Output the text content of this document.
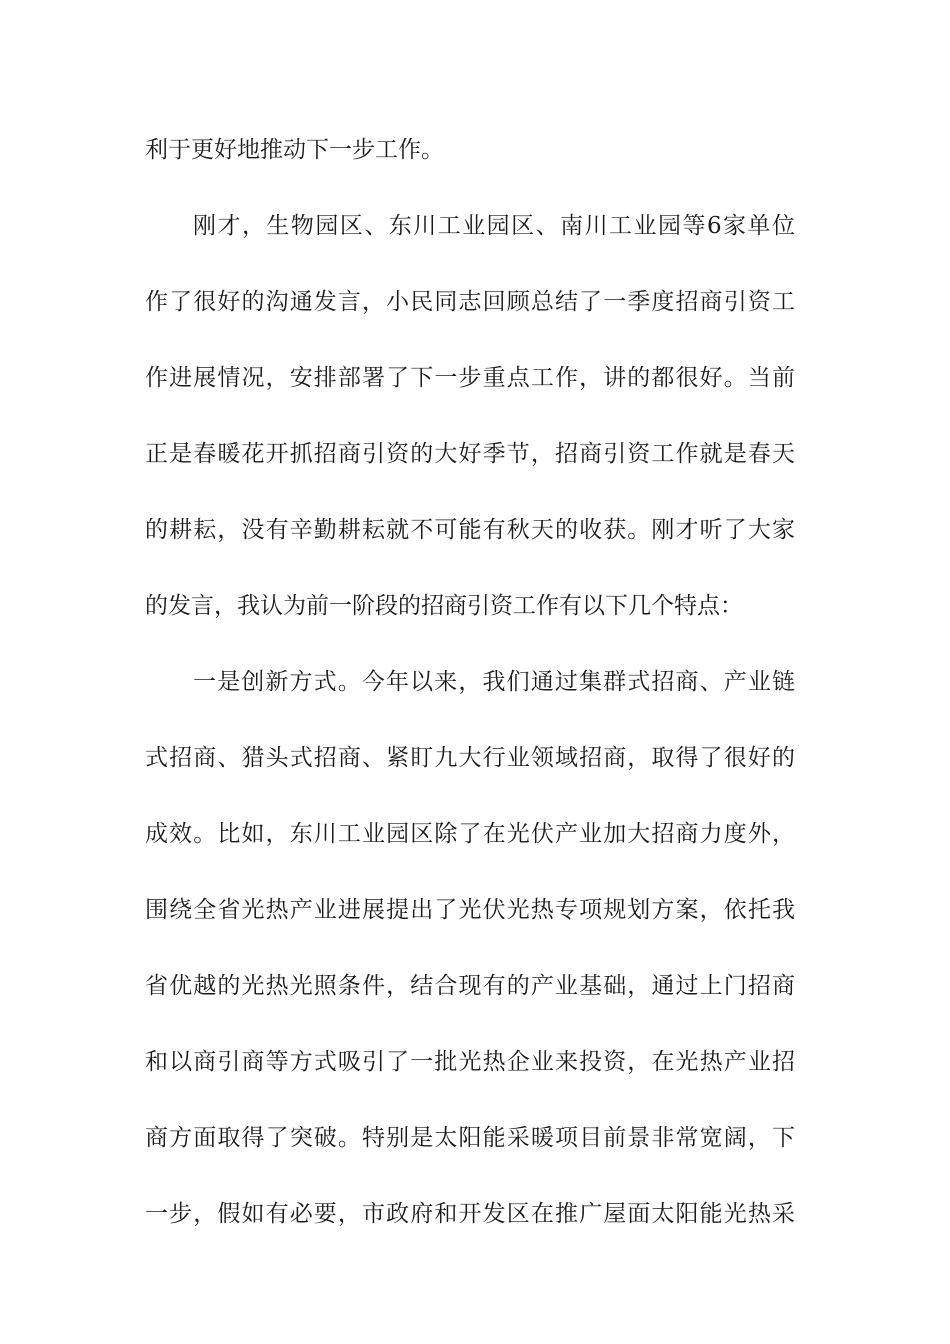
利于更好地推动下一步工作。
刚才，生物园区、东川工业园区、南川工业园等6家单位
作了很好的沟通发言，小民同志回顾总结了一季度招商引资工
作进展情况，安排部署了下一步重点工作，讲的都很好。当前
正是春暖花开抓招商引资的大好季节，招商引资工作就是春天
的耕耘，没有辛勤耕耘就不可能有秋天的收获。刚才听了大家
的发言，我认为前一阶段的招商引资工作有以下几个特点：
一是创新方式。今年以来，我们通过集群式招商、产业链
式招商、猎头式招商、紧盯九大行业领域招商，取得了很好的
成效。比如，东川工业园区除了在光伏产业加大招商力度外，
围绕全省光热产业进展提出了光伏光热专项规划方案，依托我
省优越的光热光照条件，结合现有的产业基础，通过上门招商
和以商引商等方式吸引了一批光热企业来投资，在光热产业招
商方面取得了突破。特别是太阳能采暖项目前景非常宽阔，下
一步，假如有必要，市政府和开发区在推广屋面太阳能光热采
